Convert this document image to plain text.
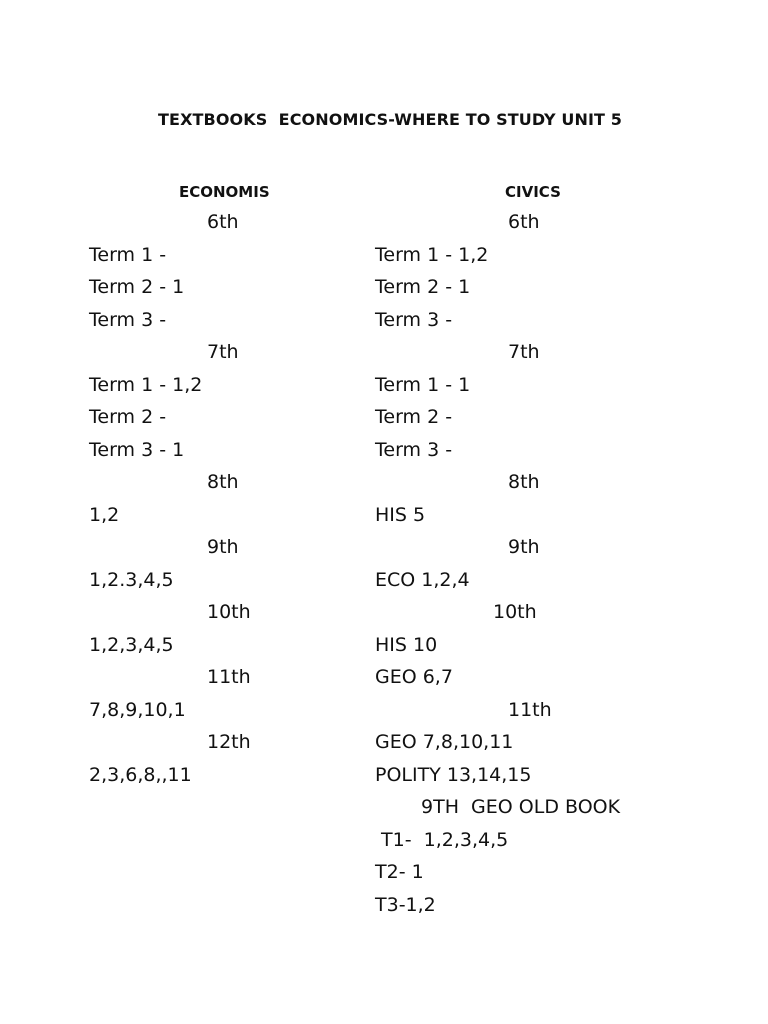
TEXTBOOKS  ECONOMICS-WHERE TO STUDY UNIT 5
ECONOMIS
6th
Term 1 -
Term 2 - 1
Term 3 -
7th
Term 1 - 1,2
Term 2 -
Term 3 - 1
8th
1,2
9th
1,2.3,4,5
10th
1,2,3,4,5
11th
7,8,9,10,1
12th
2,3,6,8,,11
CIVICS
6th
Term 1 - 1,2
Term 2 - 1
Term 3 -
7th
Term 1 - 1
Term 2 -
Term 3 -
8th
HIS 5
9th
ECO 1,2,4
10th
HIS 10
GEO 6,7
11th
GEO 7,8,10,11
POLITY 13,14,15
9TH  GEO OLD BOOK
T1-  1,2,3,4,5
T2- 1
T3-1,2
